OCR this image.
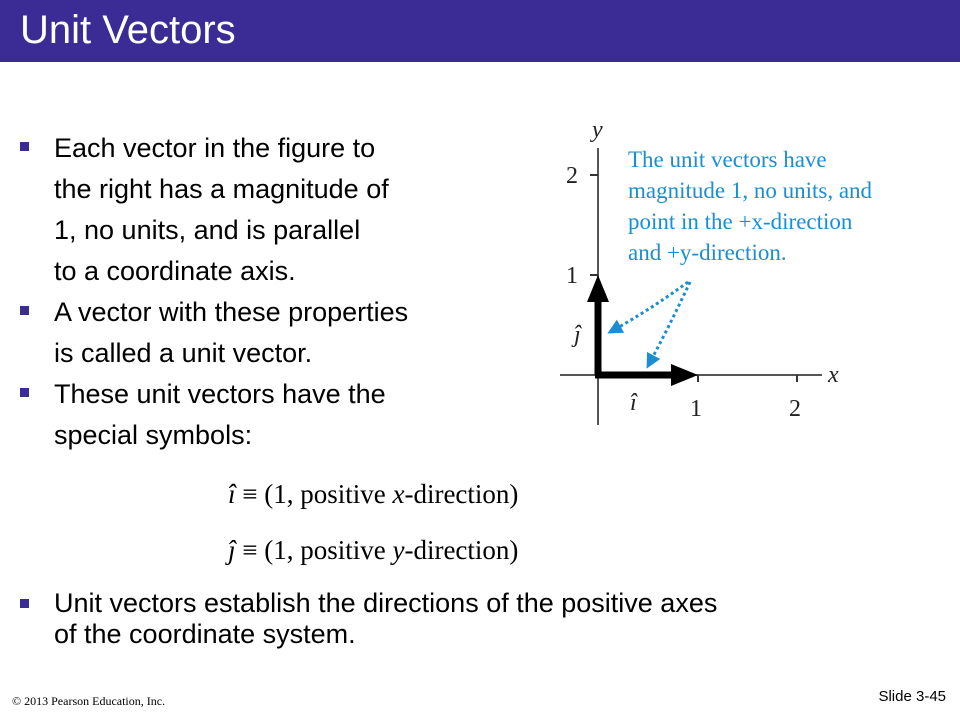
Unit Vectors
Each vector in the figure to
the right has a magnitude of
1, no units, and is parallel
to a coordinate axis.
A vector with these properties
is called a unit vector.
These unit vectors have the
special symbols:
î ≡ (1, positive x-direction)
ĵ ≡ (1, positive y-direction)
Unit vectors establish the directions of the positive axes
of the coordinate system.
y
x
1
2
1	2
ĵ
î
The unit vectors have
magnitude 1, no units, and
point in the +x-direction
and +y-direction.
© 2013 Pearson Education, Inc.	Slide 3-45
